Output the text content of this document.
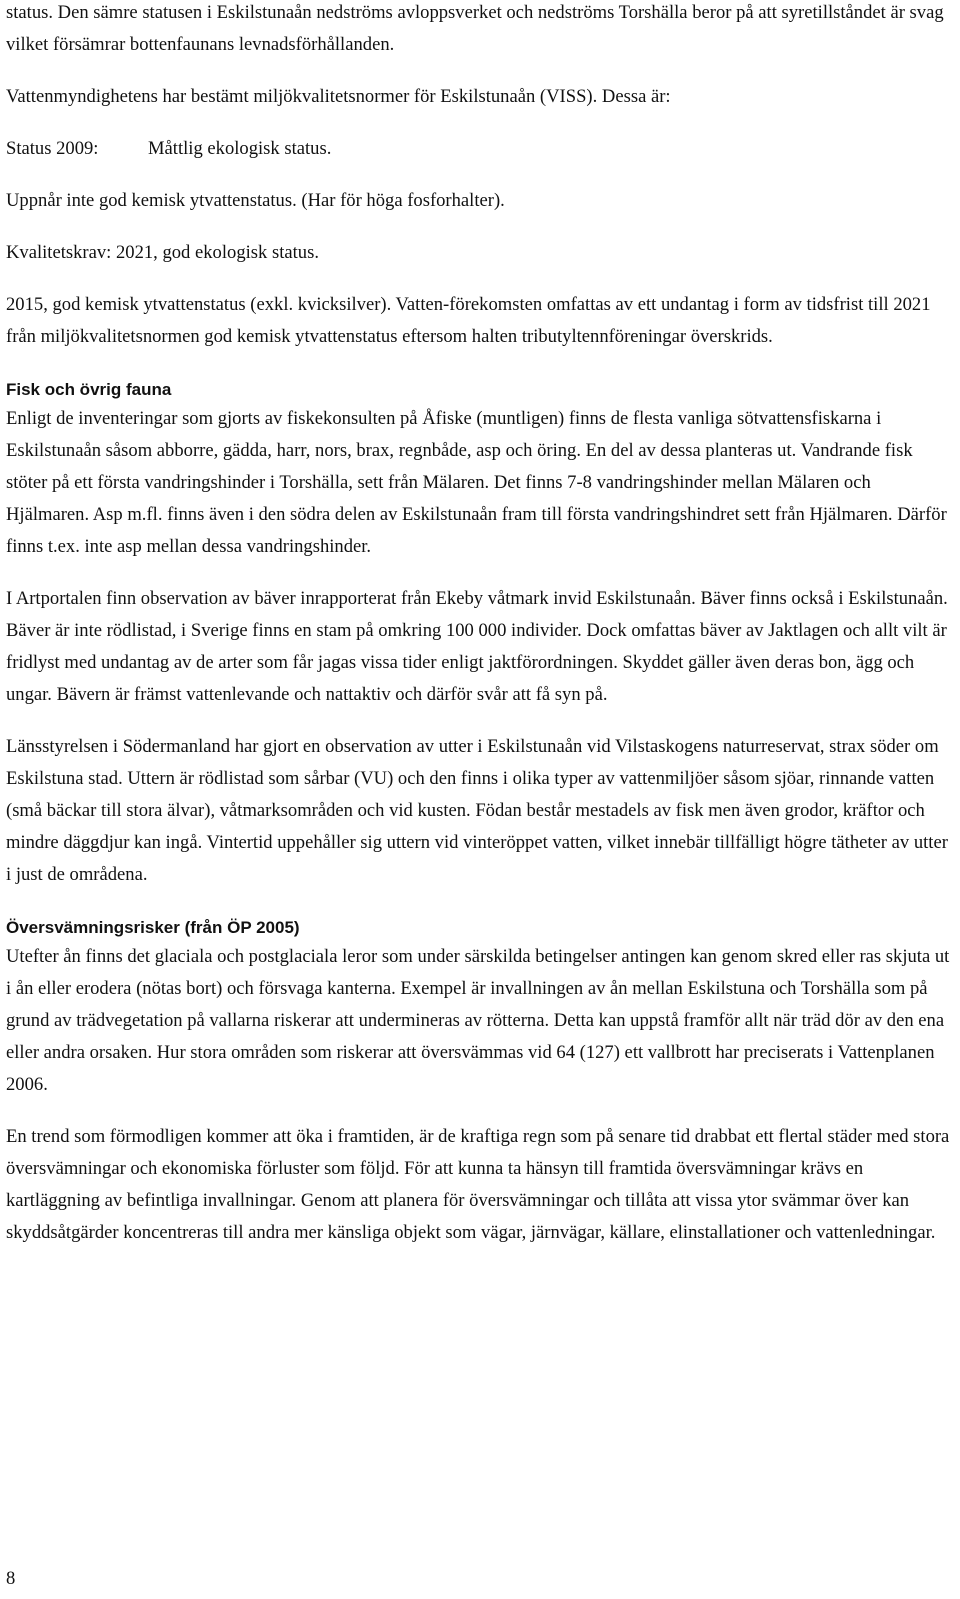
status. Den sämre statusen i Eskilstunaån nedströms avloppsverket och nedströms Torshälla beror på att syretillståndet är svag vilket försämrar bottenfaunans levnadsförhållanden.

Vattenmyndighetens har bestämt miljökvalitetsnormer för Eskilstunaån (VISS). Dessa är:

Status 2009:	Måttlig ekologisk status.

Uppnår inte god kemisk ytvattenstatus. (Har för höga fosforhalter).

Kvalitetskrav: 2021, god ekologisk status.

2015, god kemisk ytvattenstatus (exkl. kvicksilver). Vatten-förekomsten omfattas av ett undantag i form av tidsfrist till 2021 från miljökvalitetsnormen god kemisk ytvattenstatus eftersom halten tributyltennföreningar överskrids.

Fisk och övrig fauna

Enligt de inventeringar som gjorts av fiskekonsulten på Åfiske (muntligen) finns de flesta vanliga sötvattensfiskarna i Eskilstunaån såsom abborre, gädda, harr, nors, brax, regnbåde, asp och öring. En del av dessa planteras ut. Vandrande fisk stöter på ett första vandringshinder i Torshälla, sett från Mälaren. Det finns 7-8 vandringshinder mellan Mälaren och Hjälmaren. Asp m.fl. finns även i den södra delen av Eskilstunaån fram till första vandringshindret sett från Hjälmaren. Därför finns t.ex. inte asp mellan dessa vandringshinder.

I Artportalen finn observation av bäver inrapporterat från Ekeby våtmark invid Eskilstunaån. Bäver finns också i Eskilstunaån. Bäver är inte rödlistad, i Sverige finns en stam på omkring 100 000 individer. Dock omfattas bäver av Jaktlagen och allt vilt är fridlyst med undantag av de arter som får jagas vissa tider enligt jaktförordningen. Skyddet gäller även deras bon, ägg och ungar. Bävern är främst vattenlevande och nattaktiv och därför svår att få syn på.

Länsstyrelsen i Södermanland har gjort en observation av utter i Eskilstunaån vid Vilstaskogens naturreservat, strax söder om Eskilstuna stad. Uttern är rödlistad som sårbar (VU) och den finns i olika typer av vattenmiljöer såsom sjöar, rinnande vatten (små bäckar till stora älvar), våtmarksområden och vid kusten. Födan består mestadels av fisk men även grodor, kräftor och mindre däggdjur kan ingå. Vintertid uppehåller sig uttern vid vinteröppet vatten, vilket innebär tillfälligt högre tätheter av utter i just de områdena.

Översvämningsrisker (från ÖP 2005)

Utefter ån finns det glaciala och postglaciala leror som under särskilda betingelser antingen kan genom skred eller ras skjuta ut i ån eller erodera (nötas bort) och försvaga kanterna. Exempel är invallningen av ån mellan Eskilstuna och Torshälla som på grund av trädvegetation på vallarna riskerar att undermineras av rötterna. Detta kan uppstå framför allt när träd dör av den ena eller andra orsaken. Hur stora områden som riskerar att översvämmas vid 64 (127) ett vallbrott har preciserats i Vattenplanen 2006.

En trend som förmodligen kommer att öka i framtiden, är de kraftiga regn som på senare tid drabbat ett flertal städer med stora översvämningar och ekonomiska förluster som följd. För att kunna ta hänsyn till framtida översvämningar krävs en kartläggning av befintliga invallningar. Genom att planera för översvämningar och tillåta att vissa ytor svämmar över kan skyddsåtgärder koncentreras till andra mer känsliga objekt som vägar, järnvägar, källare, elinstallationer och vattenledningar.

8
